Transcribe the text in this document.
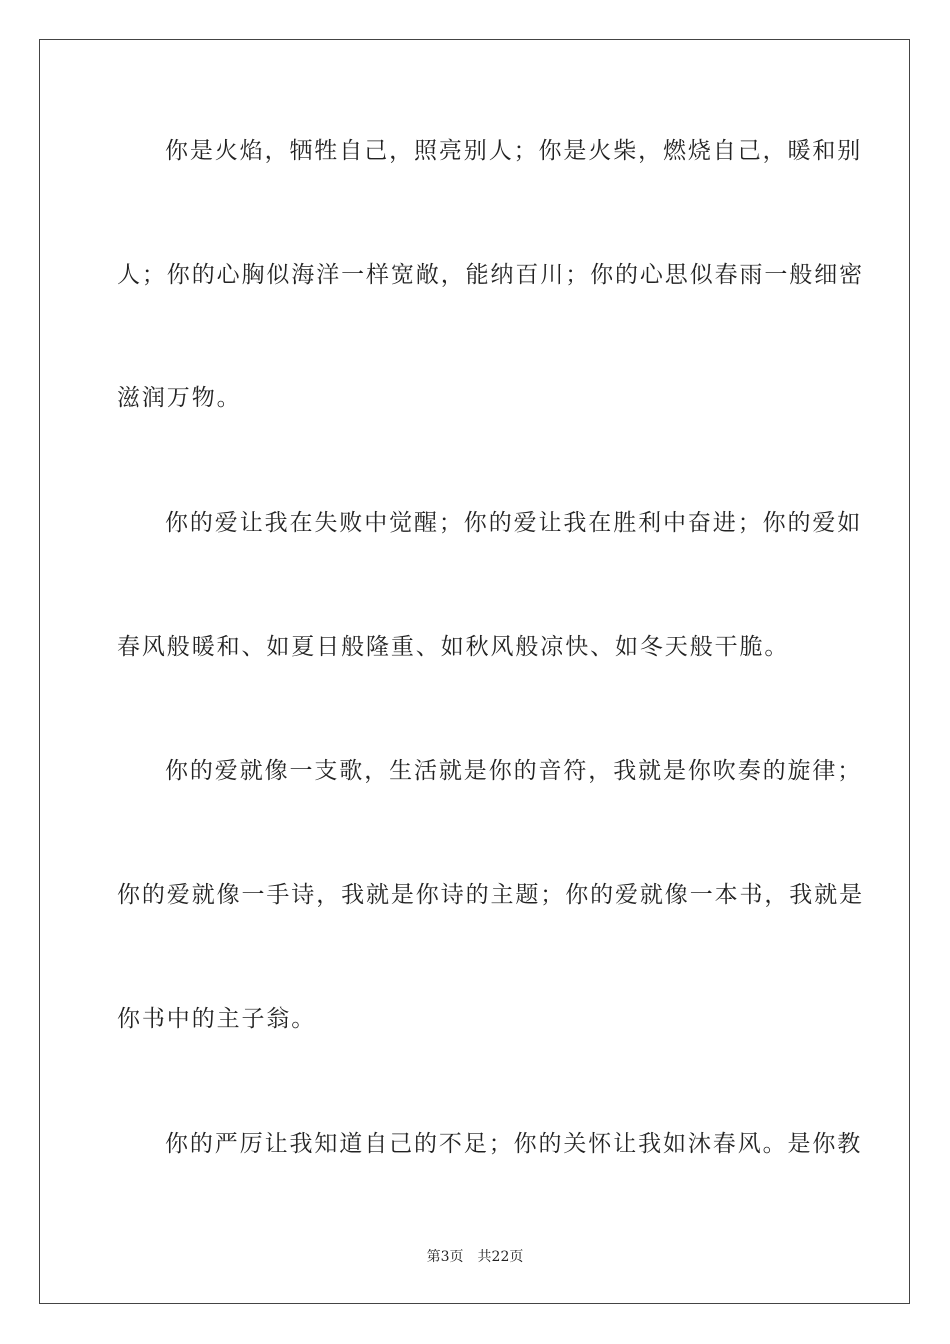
你是火焰，牺牲自己，照亮别人；你是火柴，燃烧自己，暖和别
人；你的心胸似海洋一样宽敞，能纳百川；你的心思似春雨一般细密
滋润万物。
你的爱让我在失败中觉醒；你的爱让我在胜利中奋进；你的爱如
春风般暖和、如夏日般隆重、如秋风般凉快、如冬天般干脆。
你的爱就像一支歌，生活就是你的音符，我就是你吹奏的旋律；
你的爱就像一手诗，我就是你诗的主题；你的爱就像一本书，我就是
你书中的主子翁。
你的严厉让我知道自己的不足；你的关怀让我如沐春风。是你教
第3页 共22页
